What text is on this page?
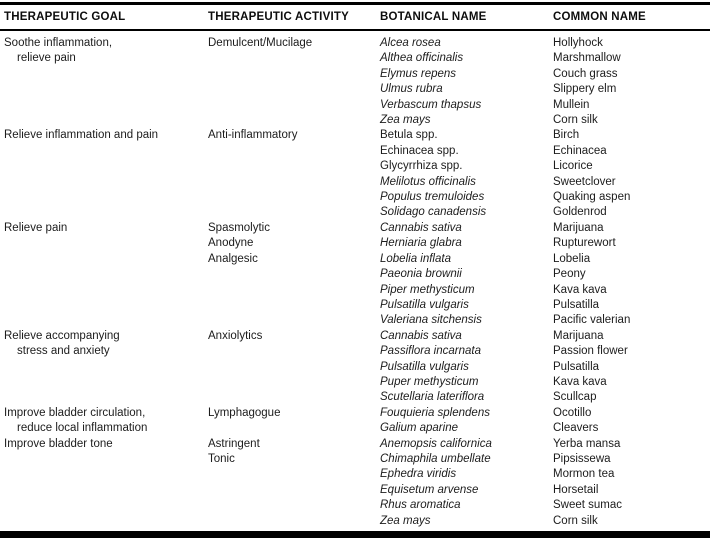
THERAPEUTIC GOAL	THERAPEUTIC ACTIVITY	BOTANICAL NAME	COMMON NAME
Soothe inflammation,	Demulcent/Mucilage	Alcea rosea	Hollyhock
relieve pain		Althea officinalis	Marshmallow
		Elymus repens	Couch grass
		Ulmus rubra	Slippery elm
		Verbascum thapsus	Mullein
		Zea mays	Corn silk
Relieve inflammation and pain	Anti-inflammatory	Betula spp.	Birch
		Echinacea spp.	Echinacea
		Glycyrrhiza spp.	Licorice
		Melilotus officinalis	Sweetclover
		Populus tremuloides	Quaking aspen
		Solidago canadensis	Goldenrod
Relieve pain	Spasmolytic	Cannabis sativa	Marijuana
	Anodyne	Herniaria glabra	Rupturewort
	Analgesic	Lobelia inflata	Lobelia
		Paeonia brownii	Peony
		Piper methysticum	Kava kava
		Pulsatilla vulgaris	Pulsatilla
		Valeriana sitchensis	Pacific valerian
Relieve accompanying	Anxiolytics	Cannabis sativa	Marijuana
stress and anxiety		Passiflora incarnata	Passion flower
		Pulsatilla vulgaris	Pulsatilla
		Puper methysticum	Kava kava
		Scutellaria lateriflora	Scullcap
Improve bladder circulation,	Lymphagogue	Fouquieria splendens	Ocotillo
reduce local inflammation		Galium aparine	Cleavers
Improve bladder tone	Astringent	Anemopsis californica	Yerba mansa
	Tonic	Chimaphila umbellate	Pipsissewa
		Ephedra viridis	Mormon tea
		Equisetum arvense	Horsetail
		Rhus aromatica	Sweet sumac
		Zea mays	Corn silk
